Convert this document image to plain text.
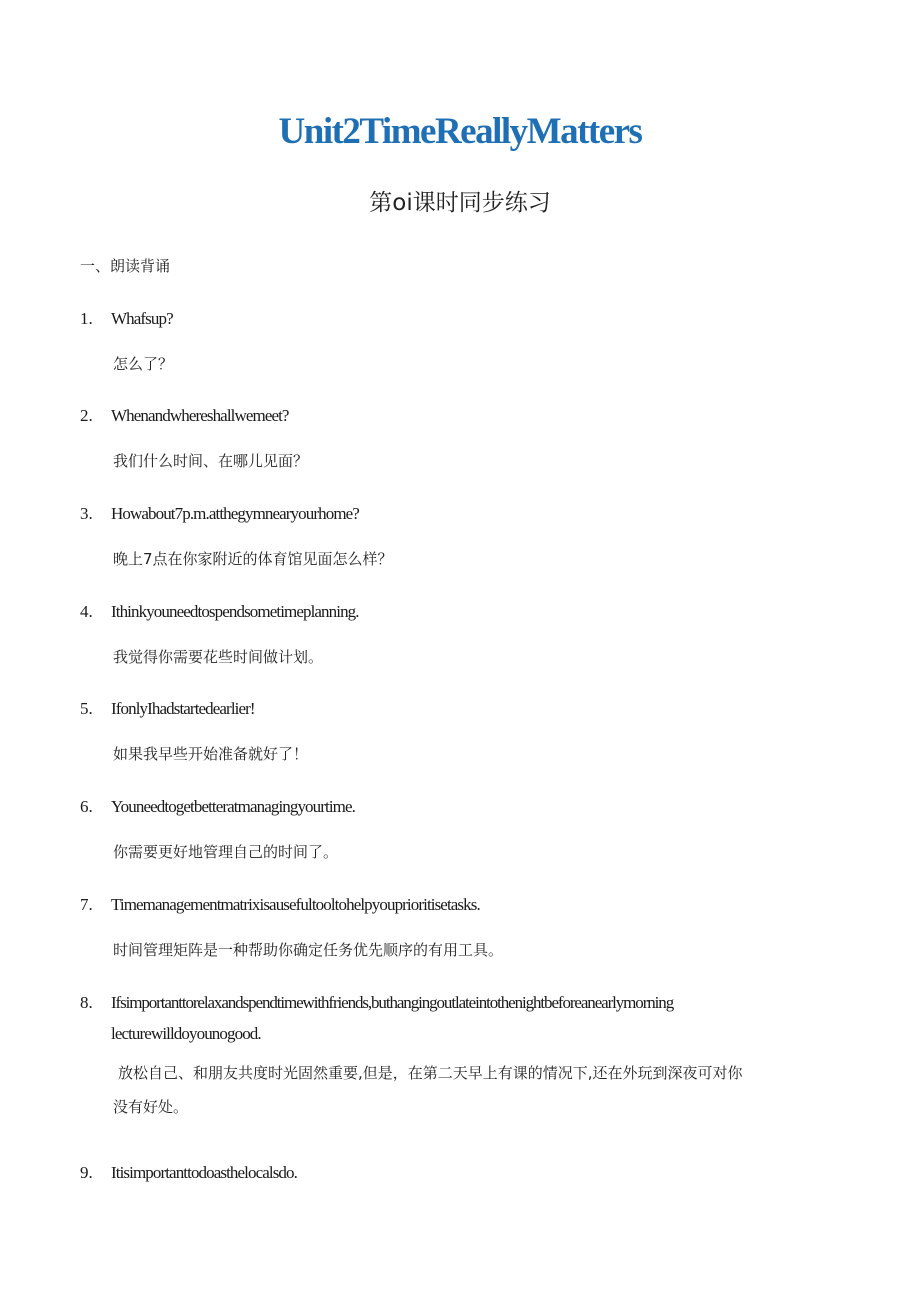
Unit2TimeReallyMatters
第oi课时同步练习
一、朗读背诵
1. Whafsup?
怎么了？
2. Whenandwhereshallwemeet?
我们什么时间、在哪儿见面？
3. Howabout7p.m.atthegymnearyourhome?
晚上7点在你家附近的体育馆见面怎么样？
4. Ithinkyouneedtospendsometimeplanning.
我觉得你需要花些时间做计划。
5. IfonlyIhadstartedearlier!
如果我早些开始准备就好了！
6. Youneedtogetbetteratmanagingyourtime.
你需要更好地管理自己的时间了。
7. Timemanagementmatrixisausefultooltohelpyouprioritisetasks.
时间管理矩阵是一种帮助你确定任务优先顺序的有用工具。
8. Ifsimportanttorelaxandspendtimewithfriends,buthangingoutlateintothenightbeforeanearlymorning
lecturewilldoyounogood.
放松自己、和朋友共度时光固然重要,但是，在第二天早上有课的情况下,还在外玩到深夜可对你
没有好处。
9. Itisimportanttodoasthelocalsdo.
